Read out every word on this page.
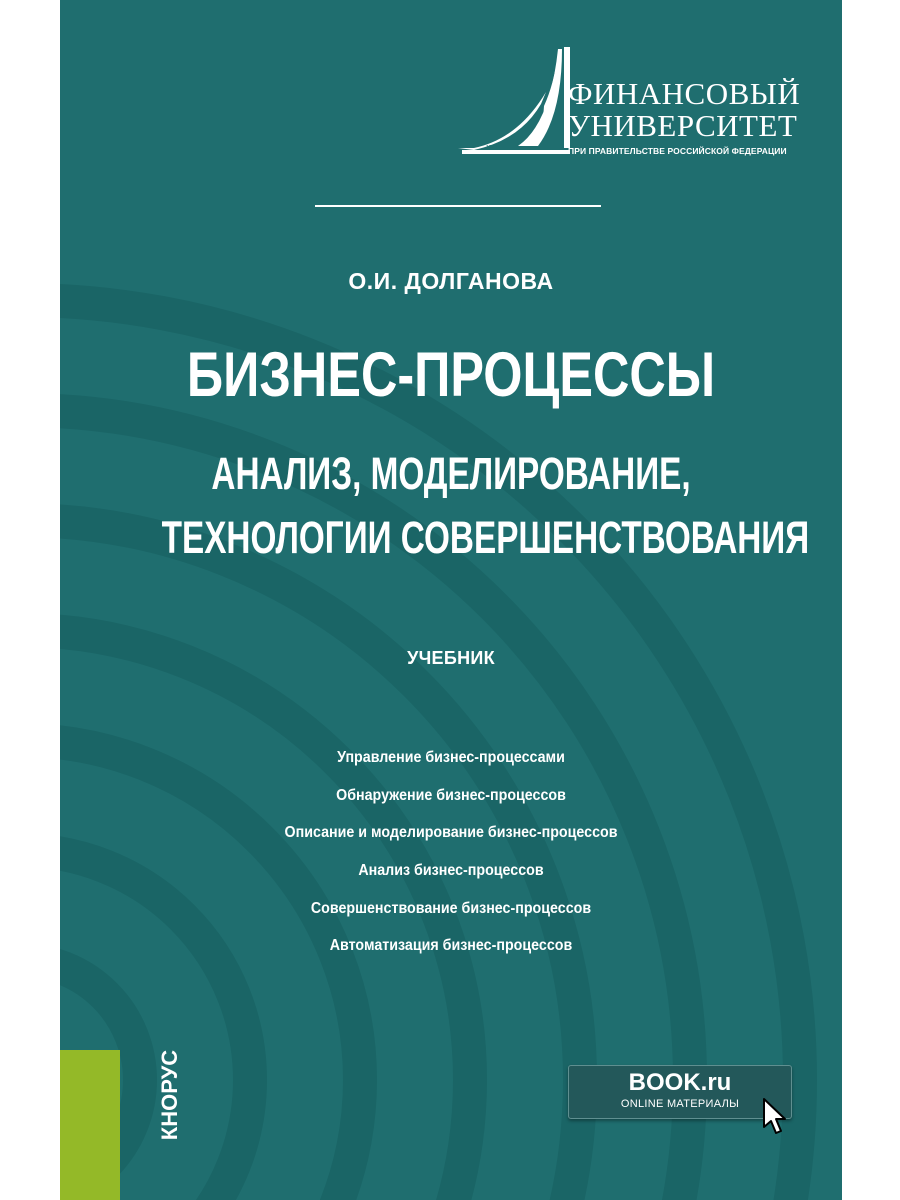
1919
ФИНАНСОВЫЙ
УНИВЕРСИТЕТ
ПРИ ПРАВИТЕЛЬСТВЕ РОССИЙСКОЙ ФЕДЕРАЦИИ
О.И. ДОЛГАНОВА
БИЗНЕС-ПРОЦЕССЫ
АНАЛИЗ, МОДЕЛИРОВАНИЕ,
ТЕХНОЛОГИИ СОВЕРШЕНСТВОВАНИЯ
УЧЕБНИК
Управление бизнес-процессами
Обнаружение бизнес-процессов
Описание и моделирование бизнес-процессов
Анализ бизнес-процессов
Совершенствование бизнес-процессов
Автоматизация бизнес-процессов
КНОРУС	BOOK.ru
ONLINE МАТЕРИАЛЫ
